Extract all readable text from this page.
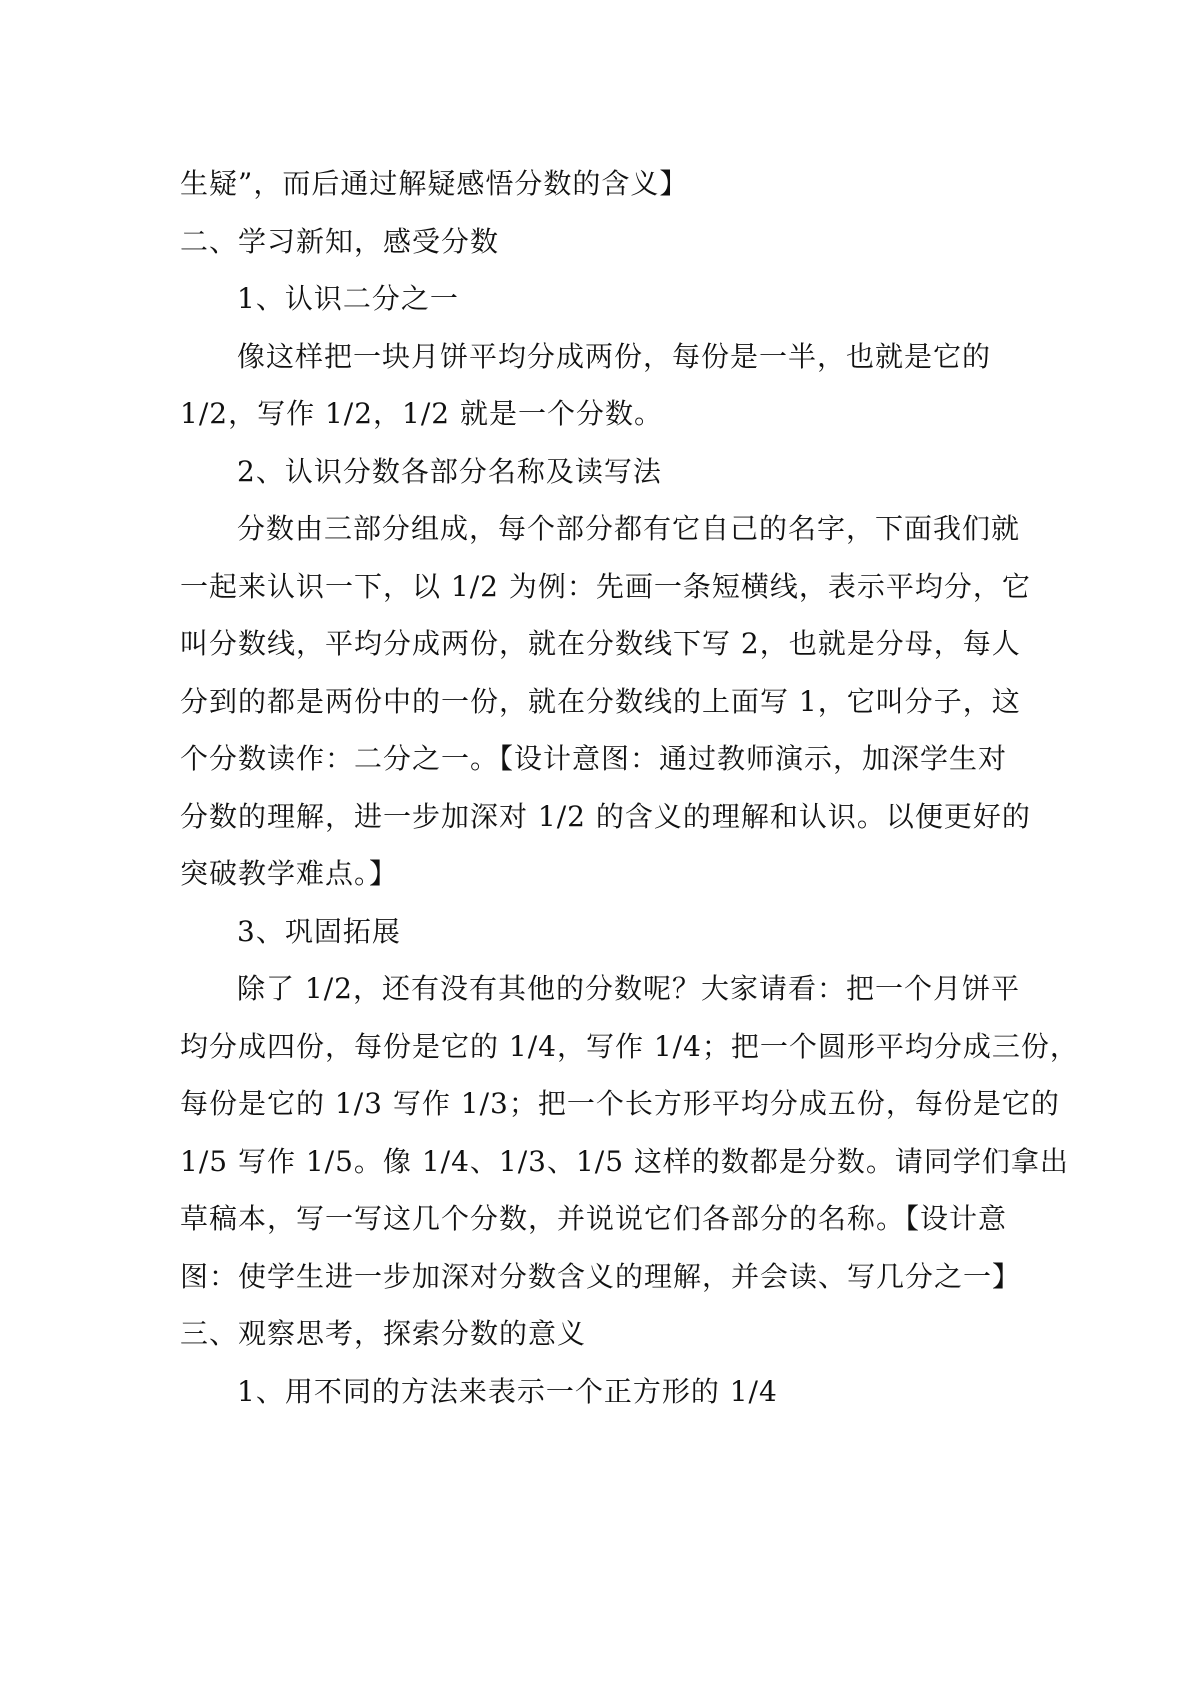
生疑”，而后通过解疑感悟分数的含义】
二、学习新知，感受分数
1、认识二分之一
像这样把一块月饼平均分成两份，每份是一半，也就是它的
1/2，写作 1/2，1/2 就是一个分数。
2、认识分数各部分名称及读写法
分数由三部分组成，每个部分都有它自己的名字，下面我们就
一起来认识一下，以 1/2 为例：先画一条短横线，表示平均分，它
叫分数线，平均分成两份，就在分数线下写 2，也就是分母，每人
分到的都是两份中的一份，就在分数线的上面写 1，它叫分子，这
个分数读作：二分之一。【设计意图：通过教师演示，加深学生对
分数的理解，进一步加深对 1/2 的含义的理解和认识。以便更好的
突破教学难点。】
3、巩固拓展
除了 1/2，还有没有其他的分数呢？大家请看：把一个月饼平
均分成四份，每份是它的 1/4，写作 1/4；把一个圆形平均分成三份，
每份是它的 1/3 写作 1/3；把一个长方形平均分成五份，每份是它的
1/5 写作 1/5。像 1/4、1/3、1/5 这样的数都是分数。请同学们拿出
草稿本，写一写这几个分数，并说说它们各部分的名称。【设计意
图：使学生进一步加深对分数含义的理解，并会读、写几分之一】
三、观察思考，探索分数的意义
1、用不同的方法来表示一个正方形的 1/4
